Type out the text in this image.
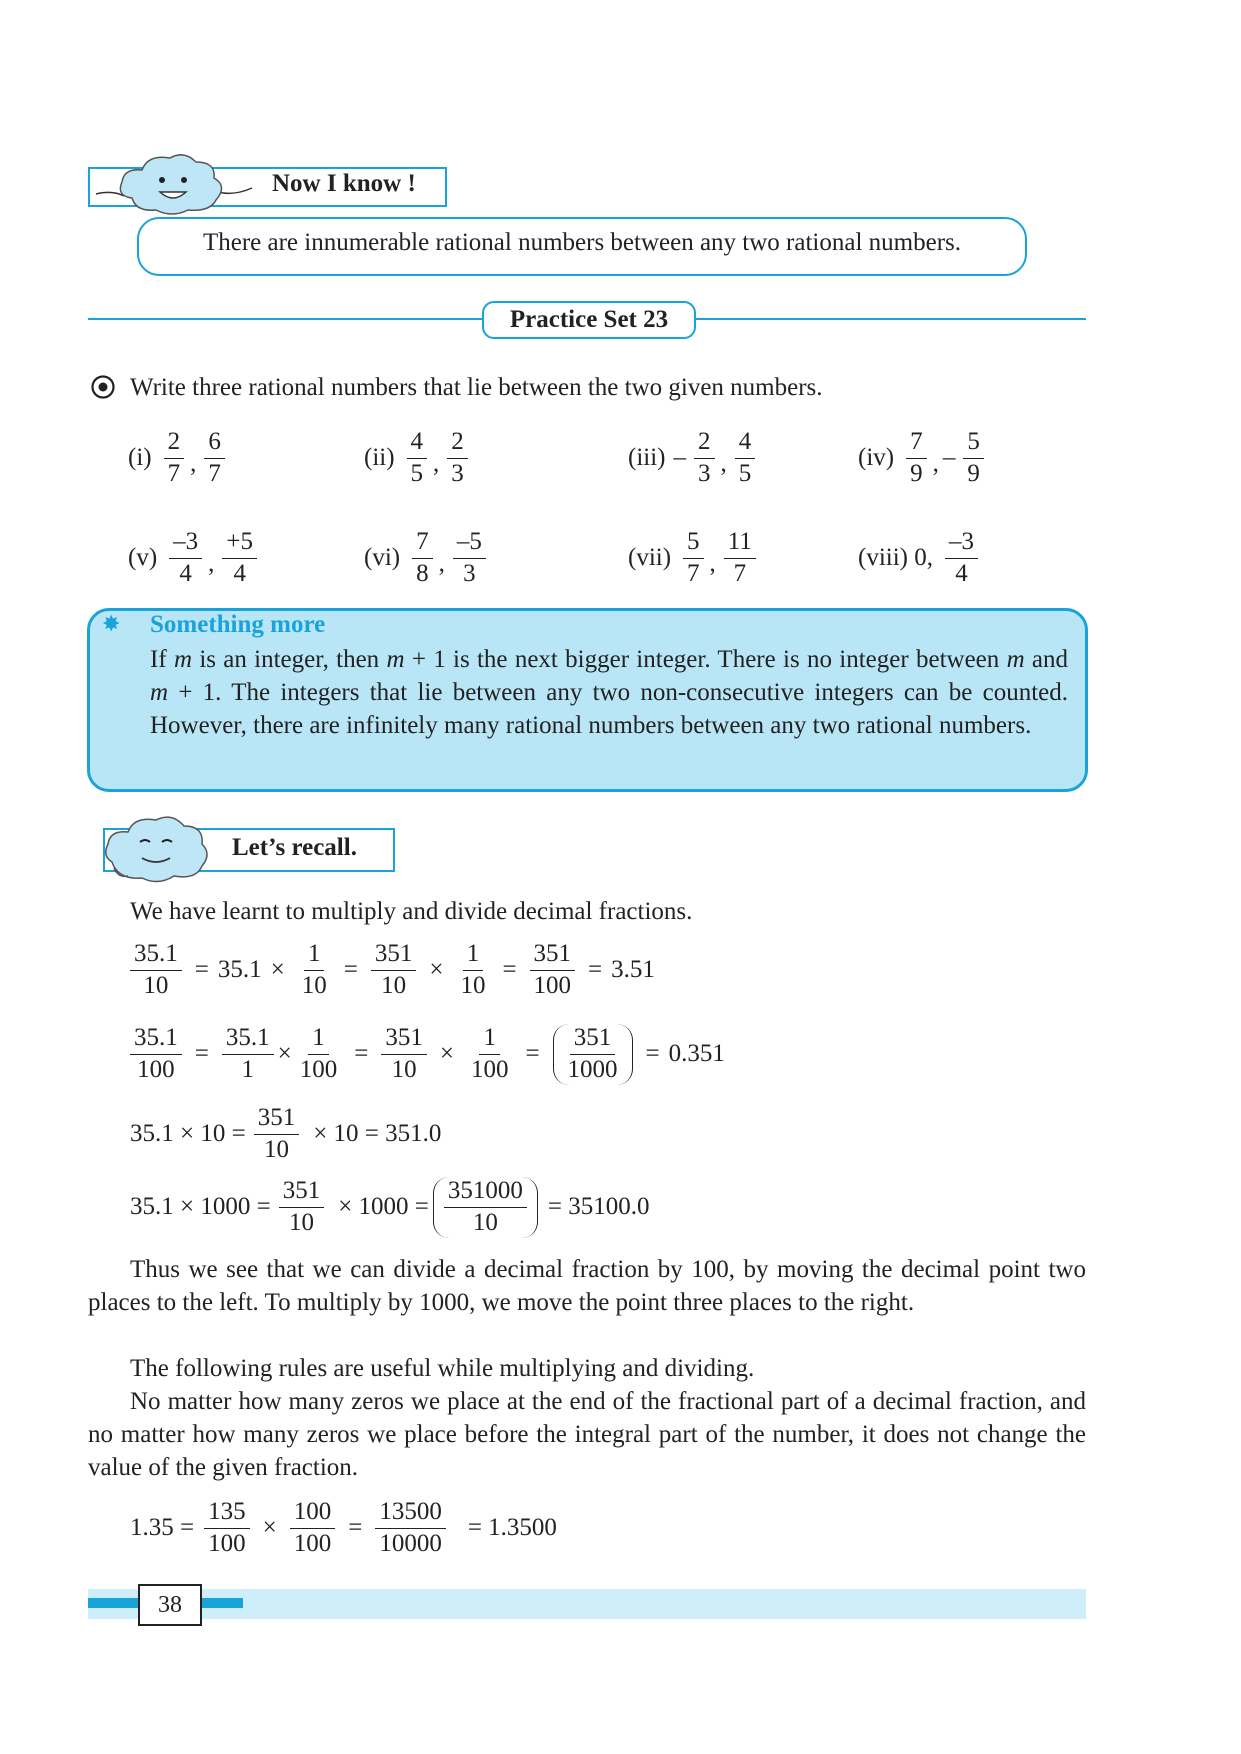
Now I know !
There are innumerable rational numbers between any two rational numbers.
Practice Set 23
Write three rational numbers that lie between the two given numbers.
$(i) \frac{2}{7}$ , $\frac{6}{7}$	$(ii) \frac{4}{5}$ , $\frac{2}{3}$	$(iii) - \frac{2}{3}$ , $\frac{4}{5}$	$(iv) \frac{7}{9}$ , – $\frac{5}{9}$
$(v) \frac{-3}{4}$ , $\frac{+5}{4}$	$(vi) \frac{7}{8}$ , $\frac{-5}{3}$	$(vii) \frac{5}{7}$ , $\frac{11}{7}$	(viii) 0, $\frac{-3}{4}$
✸ Something more
If m is an integer, then m + 1 is the next bigger integer. There is no integer between m and m + 1. The integers that lie between any two non-consecutive integers can be counted. However, there are infinitely many rational numbers between any two rational numbers.
Let’s recall.
We have learnt to multiply and divide decimal fractions.
$\frac{35.1}{10} = 35.1 \times \frac{1}{10} = \frac{351}{10} \times \frac{1}{10} = \frac{351}{100} = 3.51$
$\frac{35.1}{100} = \frac{35.1}{1} \times \frac{1}{100} = \frac{351}{10} \times \frac{1}{100} = \frac{351}{1000} = 0.351$
$35.1 \times 10 = \frac{351}{10} \times 10 = 351.0$
$35.1 \times 1000 = \frac{351}{10} \times 1000 = \frac{351000}{10} = 35100.0$
Thus we see that we can divide a decimal fraction by 100, by moving the decimal point two places to the left. To multiply by 1000, we move the point three places to the right.
The following rules are useful while multiplying and dividing.
No matter how many zeros we place at the end of the fractional part of a decimal fraction, and no matter how many zeros we place before the integral part of the number, it does not change the value of the given fraction.
$1.35 = \frac{135}{100} \times \frac{100}{100} = \frac{13500}{10000} = 1.3500$
38
